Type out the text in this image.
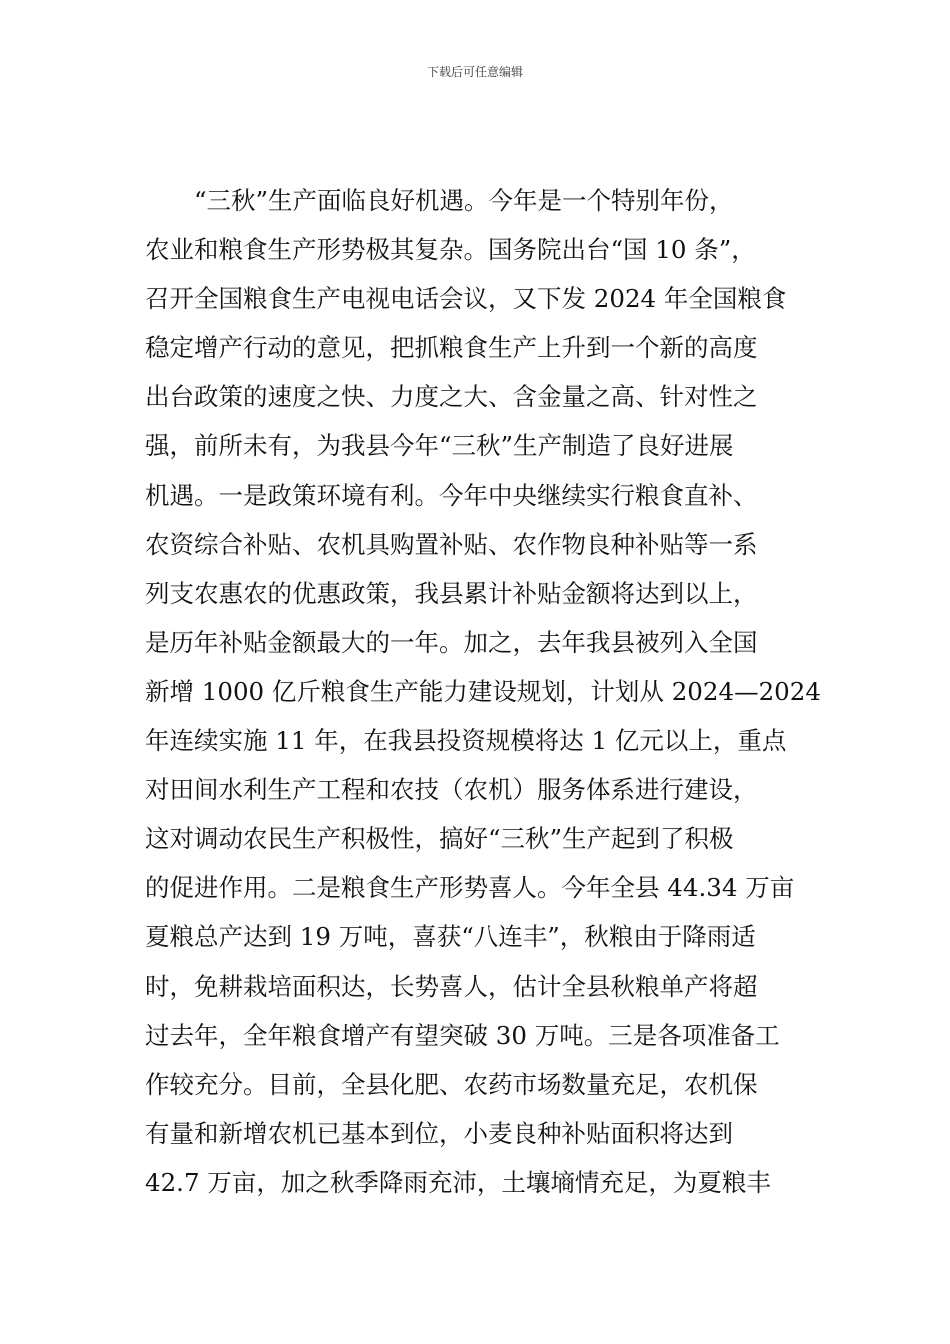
下载后可任意编辑
“三秋”生产面临良好机遇。今年是一个特别年份，
农业和粮食生产形势极其复杂。国务院出台“国 10 条”，
召开全国粮食生产电视电话会议，又下发 2024 年全国粮食
稳定增产行动的意见，把抓粮食生产上升到一个新的高度
出台政策的速度之快、力度之大、含金量之高、针对性之
强，前所未有，为我县今年“三秋”生产制造了良好进展
机遇。一是政策环境有利。今年中央继续实行粮食直补、
农资综合补贴、农机具购置补贴、农作物良种补贴等一系
列支农惠农的优惠政策，我县累计补贴金额将达到以上，
是历年补贴金额最大的一年。加之，去年我县被列入全国
新增 1000 亿斤粮食生产能力建设规划，计划从 2024—2024
年连续实施 11 年，在我县投资规模将达 1 亿元以上，重点
对田间水利生产工程和农技（农机）服务体系进行建设，
这对调动农民生产积极性，搞好“三秋”生产起到了积极
的促进作用。二是粮食生产形势喜人。今年全县 44.34 万亩
夏粮总产达到 19 万吨，喜获“八连丰”，秋粮由于降雨适
时，免耕栽培面积达，长势喜人，估计全县秋粮单产将超
过去年，全年粮食增产有望突破 30 万吨。三是各项准备工
作较充分。目前，全县化肥、农药市场数量充足，农机保
有量和新增农机已基本到位，小麦良种补贴面积将达到
42.7 万亩，加之秋季降雨充沛，土壤墒情充足，为夏粮丰
